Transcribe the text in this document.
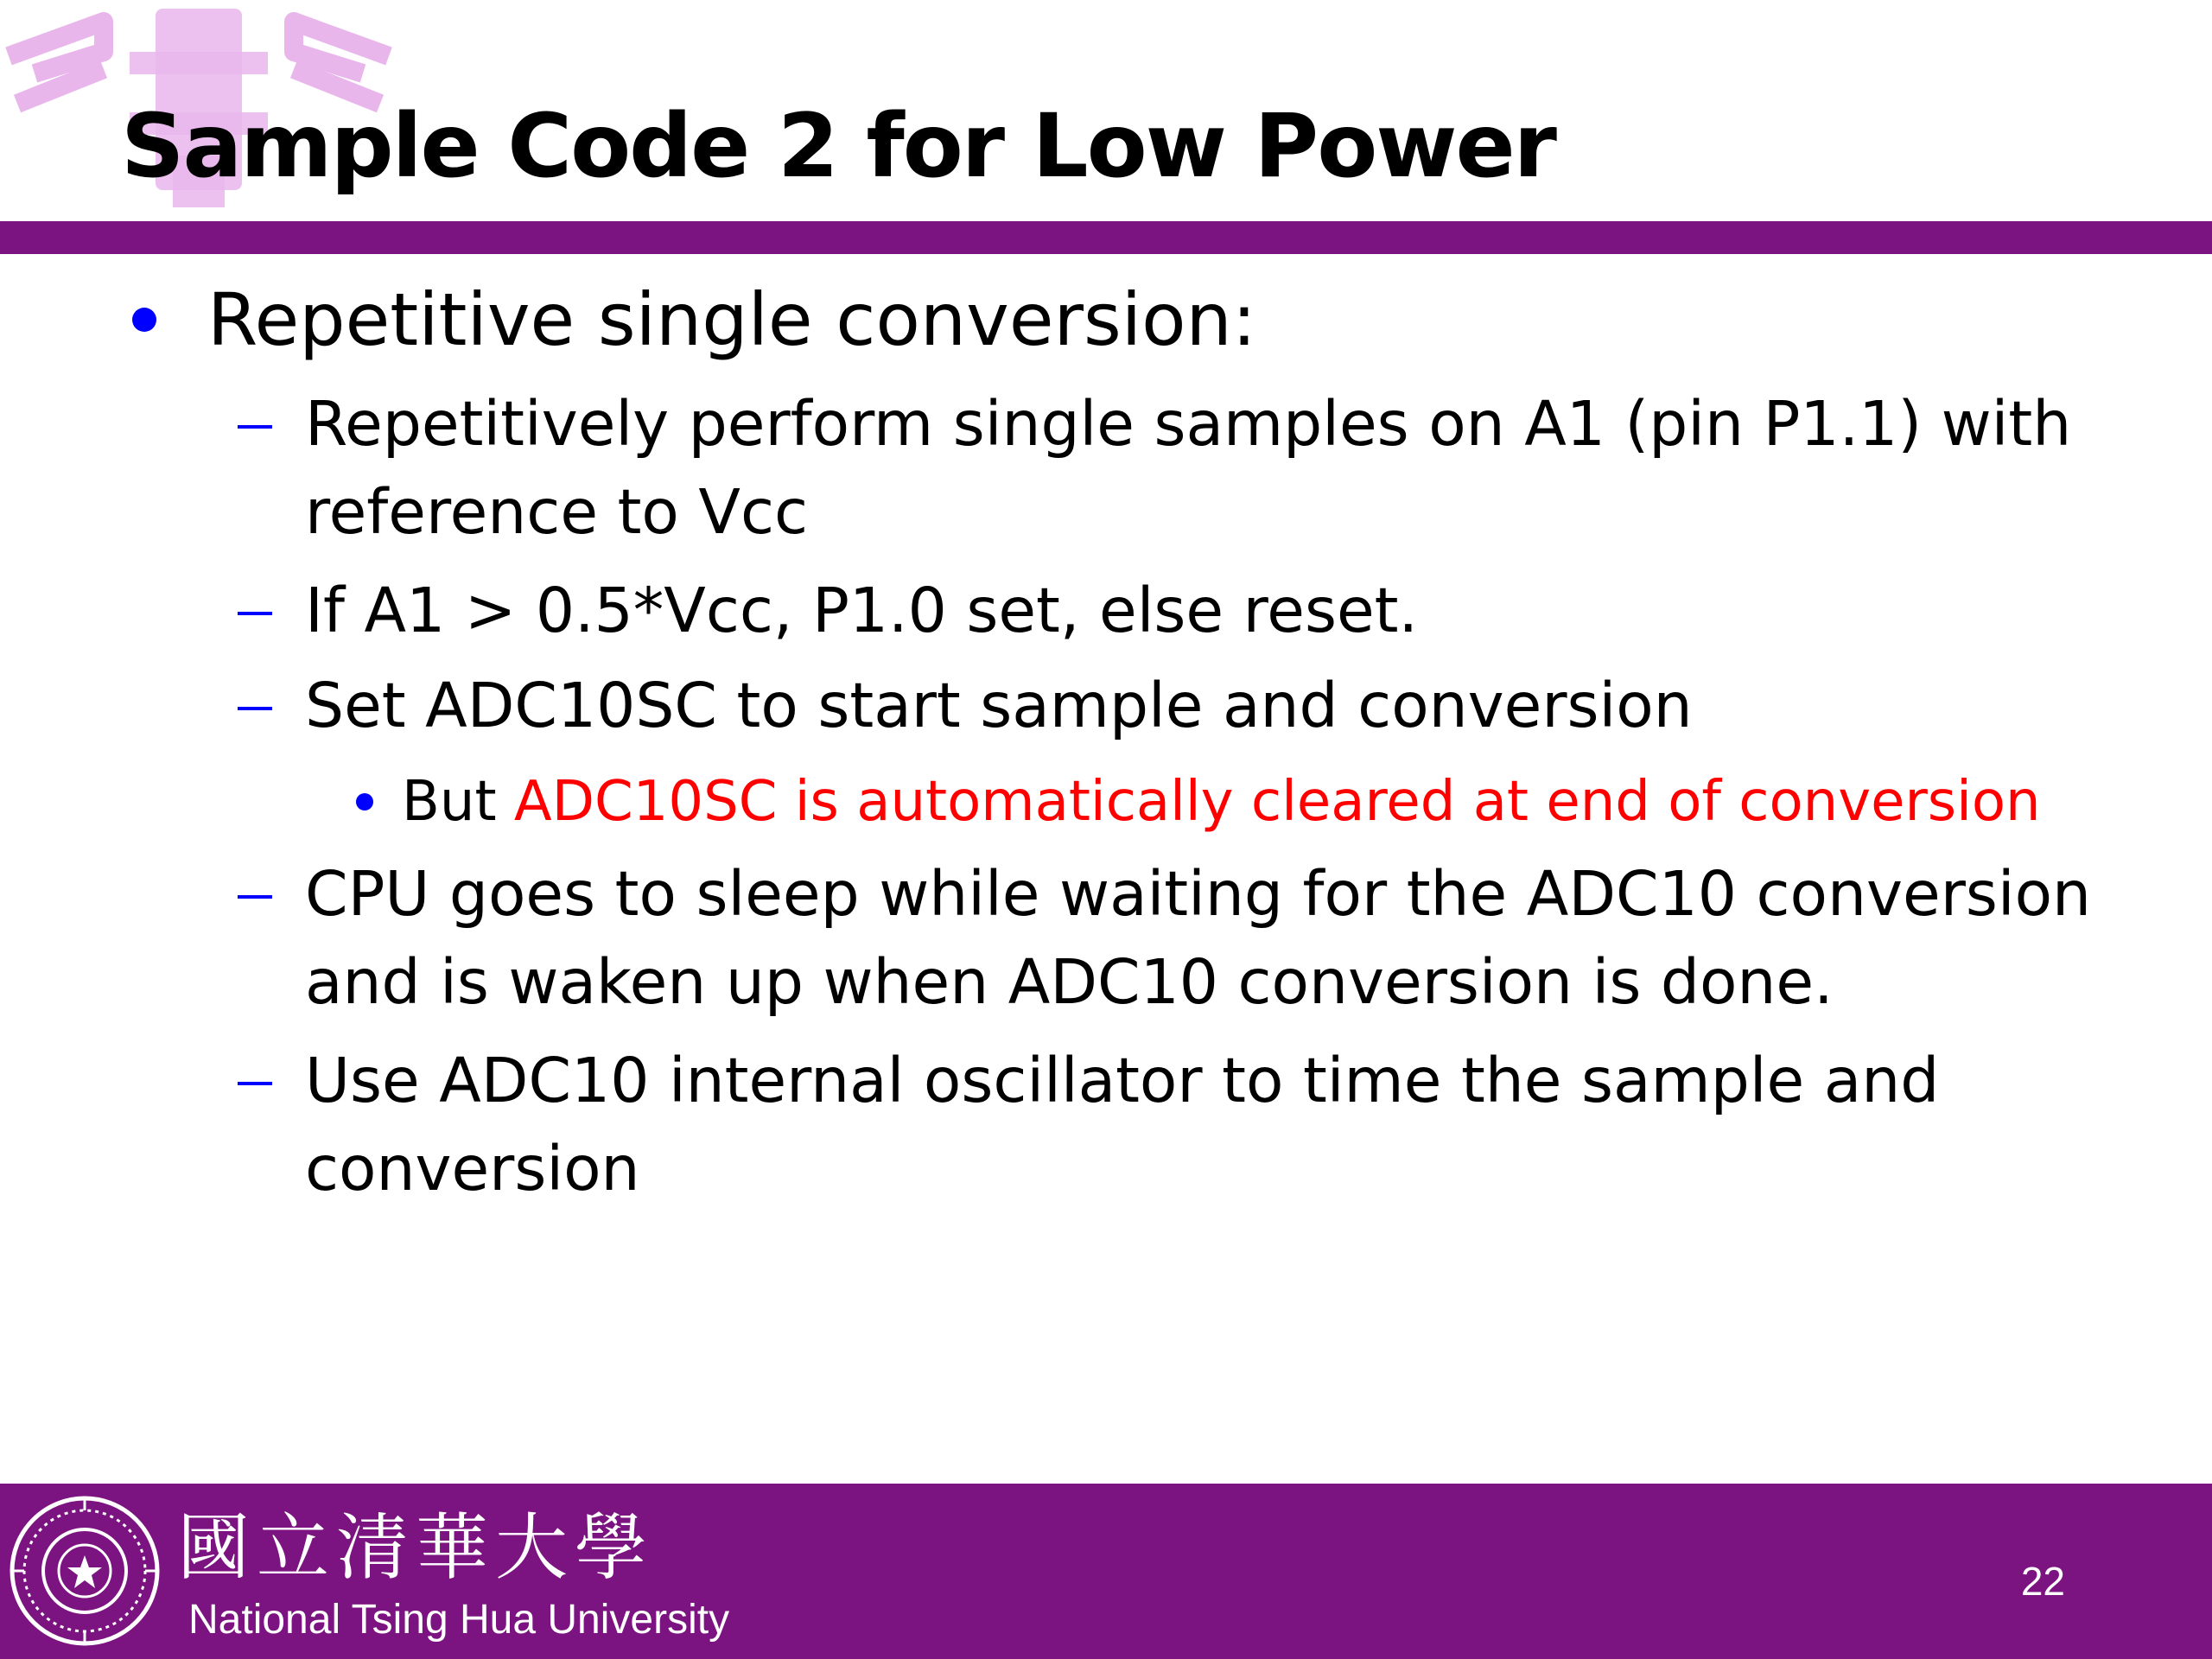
Sample Code 2 for Low Power
Repetitive single conversion:
Repetitively perform single samples on A1 (pin P1.1) with
reference to Vcc
If A1 > 0.5*Vcc, P1.0 set, else reset.
Set ADC10SC to start sample and conversion
But ADC10SC is automatically cleared at end of conversion
CPU goes to sleep while waiting for the ADC10 conversion
and is waken up when ADC10 conversion is done.
Use ADC10 internal oscillator to time the sample and
conversion
國立清華大學
National Tsing Hua University
22
